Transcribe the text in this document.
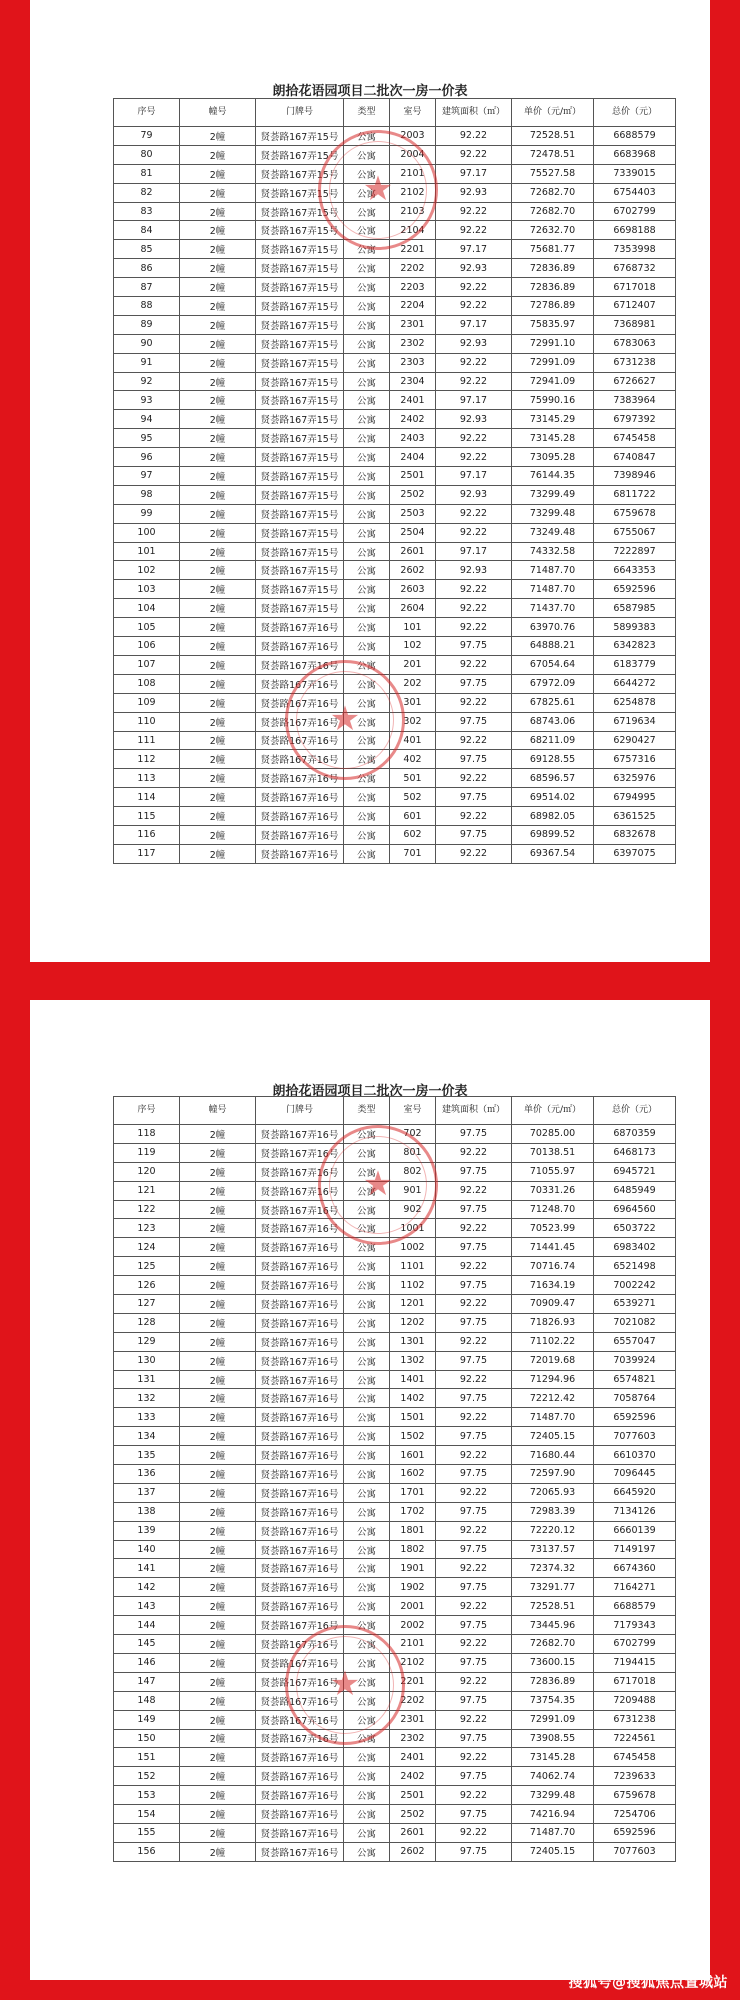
朗拾花语园项目二批次一房一价表
序号	幢号	门牌号	类型	室号	建筑面积（㎡）	单价（元/㎡）	总价（元）
79	2幢	贤荟路167弄15号	公寓	2003	92.22	72528.51	6688579
80	2幢	贤荟路167弄15号	公寓	2004	92.22	72478.51	6683968
81	2幢	贤荟路167弄15号	公寓	2101	97.17	75527.58	7339015
82	2幢	贤荟路167弄15号	公寓	2102	92.93	72682.70	6754403
83	2幢	贤荟路167弄15号	公寓	2103	92.22	72682.70	6702799
84	2幢	贤荟路167弄15号	公寓	2104	92.22	72632.70	6698188
85	2幢	贤荟路167弄15号	公寓	2201	97.17	75681.77	7353998
86	2幢	贤荟路167弄15号	公寓	2202	92.93	72836.89	6768732
87	2幢	贤荟路167弄15号	公寓	2203	92.22	72836.89	6717018
88	2幢	贤荟路167弄15号	公寓	2204	92.22	72786.89	6712407
89	2幢	贤荟路167弄15号	公寓	2301	97.17	75835.97	7368981
90	2幢	贤荟路167弄15号	公寓	2302	92.93	72991.10	6783063
91	2幢	贤荟路167弄15号	公寓	2303	92.22	72991.09	6731238
92	2幢	贤荟路167弄15号	公寓	2304	92.22	72941.09	6726627
93	2幢	贤荟路167弄15号	公寓	2401	97.17	75990.16	7383964
94	2幢	贤荟路167弄15号	公寓	2402	92.93	73145.29	6797392
95	2幢	贤荟路167弄15号	公寓	2403	92.22	73145.28	6745458
96	2幢	贤荟路167弄15号	公寓	2404	92.22	73095.28	6740847
97	2幢	贤荟路167弄15号	公寓	2501	97.17	76144.35	7398946
98	2幢	贤荟路167弄15号	公寓	2502	92.93	73299.49	6811722
99	2幢	贤荟路167弄15号	公寓	2503	92.22	73299.48	6759678
100	2幢	贤荟路167弄15号	公寓	2504	92.22	73249.48	6755067
101	2幢	贤荟路167弄15号	公寓	2601	97.17	74332.58	7222897
102	2幢	贤荟路167弄15号	公寓	2602	92.93	71487.70	6643353
103	2幢	贤荟路167弄15号	公寓	2603	92.22	71487.70	6592596
104	2幢	贤荟路167弄15号	公寓	2604	92.22	71437.70	6587985
105	2幢	贤荟路167弄16号	公寓	101	92.22	63970.76	5899383
106	2幢	贤荟路167弄16号	公寓	102	97.75	64888.21	6342823
107	2幢	贤荟路167弄16号	公寓	201	92.22	67054.64	6183779
108	2幢	贤荟路167弄16号	公寓	202	97.75	67972.09	6644272
109	2幢	贤荟路167弄16号	公寓	301	92.22	67825.61	6254878
110	2幢	贤荟路167弄16号	公寓	302	97.75	68743.06	6719634
111	2幢	贤荟路167弄16号	公寓	401	92.22	68211.09	6290427
112	2幢	贤荟路167弄16号	公寓	402	97.75	69128.55	6757316
113	2幢	贤荟路167弄16号	公寓	501	92.22	68596.57	6325976
114	2幢	贤荟路167弄16号	公寓	502	97.75	69514.02	6794995
115	2幢	贤荟路167弄16号	公寓	601	92.22	68982.05	6361525
116	2幢	贤荟路167弄16号	公寓	602	97.75	69899.52	6832678
117	2幢	贤荟路167弄16号	公寓	701	92.22	69367.54	6397075
★
★
朗拾花语园项目二批次一房一价表
序号	幢号	门牌号	类型	室号	建筑面积（㎡）	单价（元/㎡）	总价（元）
118	2幢	贤荟路167弄16号	公寓	702	97.75	70285.00	6870359
119	2幢	贤荟路167弄16号	公寓	801	92.22	70138.51	6468173
120	2幢	贤荟路167弄16号	公寓	802	97.75	71055.97	6945721
121	2幢	贤荟路167弄16号	公寓	901	92.22	70331.26	6485949
122	2幢	贤荟路167弄16号	公寓	902	97.75	71248.70	6964560
123	2幢	贤荟路167弄16号	公寓	1001	92.22	70523.99	6503722
124	2幢	贤荟路167弄16号	公寓	1002	97.75	71441.45	6983402
125	2幢	贤荟路167弄16号	公寓	1101	92.22	70716.74	6521498
126	2幢	贤荟路167弄16号	公寓	1102	97.75	71634.19	7002242
127	2幢	贤荟路167弄16号	公寓	1201	92.22	70909.47	6539271
128	2幢	贤荟路167弄16号	公寓	1202	97.75	71826.93	7021082
129	2幢	贤荟路167弄16号	公寓	1301	92.22	71102.22	6557047
130	2幢	贤荟路167弄16号	公寓	1302	97.75	72019.68	7039924
131	2幢	贤荟路167弄16号	公寓	1401	92.22	71294.96	6574821
132	2幢	贤荟路167弄16号	公寓	1402	97.75	72212.42	7058764
133	2幢	贤荟路167弄16号	公寓	1501	92.22	71487.70	6592596
134	2幢	贤荟路167弄16号	公寓	1502	97.75	72405.15	7077603
135	2幢	贤荟路167弄16号	公寓	1601	92.22	71680.44	6610370
136	2幢	贤荟路167弄16号	公寓	1602	97.75	72597.90	7096445
137	2幢	贤荟路167弄16号	公寓	1701	92.22	72065.93	6645920
138	2幢	贤荟路167弄16号	公寓	1702	97.75	72983.39	7134126
139	2幢	贤荟路167弄16号	公寓	1801	92.22	72220.12	6660139
140	2幢	贤荟路167弄16号	公寓	1802	97.75	73137.57	7149197
141	2幢	贤荟路167弄16号	公寓	1901	92.22	72374.32	6674360
142	2幢	贤荟路167弄16号	公寓	1902	97.75	73291.77	7164271
143	2幢	贤荟路167弄16号	公寓	2001	92.22	72528.51	6688579
144	2幢	贤荟路167弄16号	公寓	2002	97.75	73445.96	7179343
145	2幢	贤荟路167弄16号	公寓	2101	92.22	72682.70	6702799
146	2幢	贤荟路167弄16号	公寓	2102	97.75	73600.15	7194415
147	2幢	贤荟路167弄16号	公寓	2201	92.22	72836.89	6717018
148	2幢	贤荟路167弄16号	公寓	2202	97.75	73754.35	7209488
149	2幢	贤荟路167弄16号	公寓	2301	92.22	72991.09	6731238
150	2幢	贤荟路167弄16号	公寓	2302	97.75	73908.55	7224561
151	2幢	贤荟路167弄16号	公寓	2401	92.22	73145.28	6745458
152	2幢	贤荟路167弄16号	公寓	2402	97.75	74062.74	7239633
153	2幢	贤荟路167弄16号	公寓	2501	92.22	73299.48	6759678
154	2幢	贤荟路167弄16号	公寓	2502	97.75	74216.94	7254706
155	2幢	贤荟路167弄16号	公寓	2601	92.22	71487.70	6592596
156	2幢	贤荟路167弄16号	公寓	2602	97.75	72405.15	7077603
★
★
搜狐号@搜狐焦点置城站
